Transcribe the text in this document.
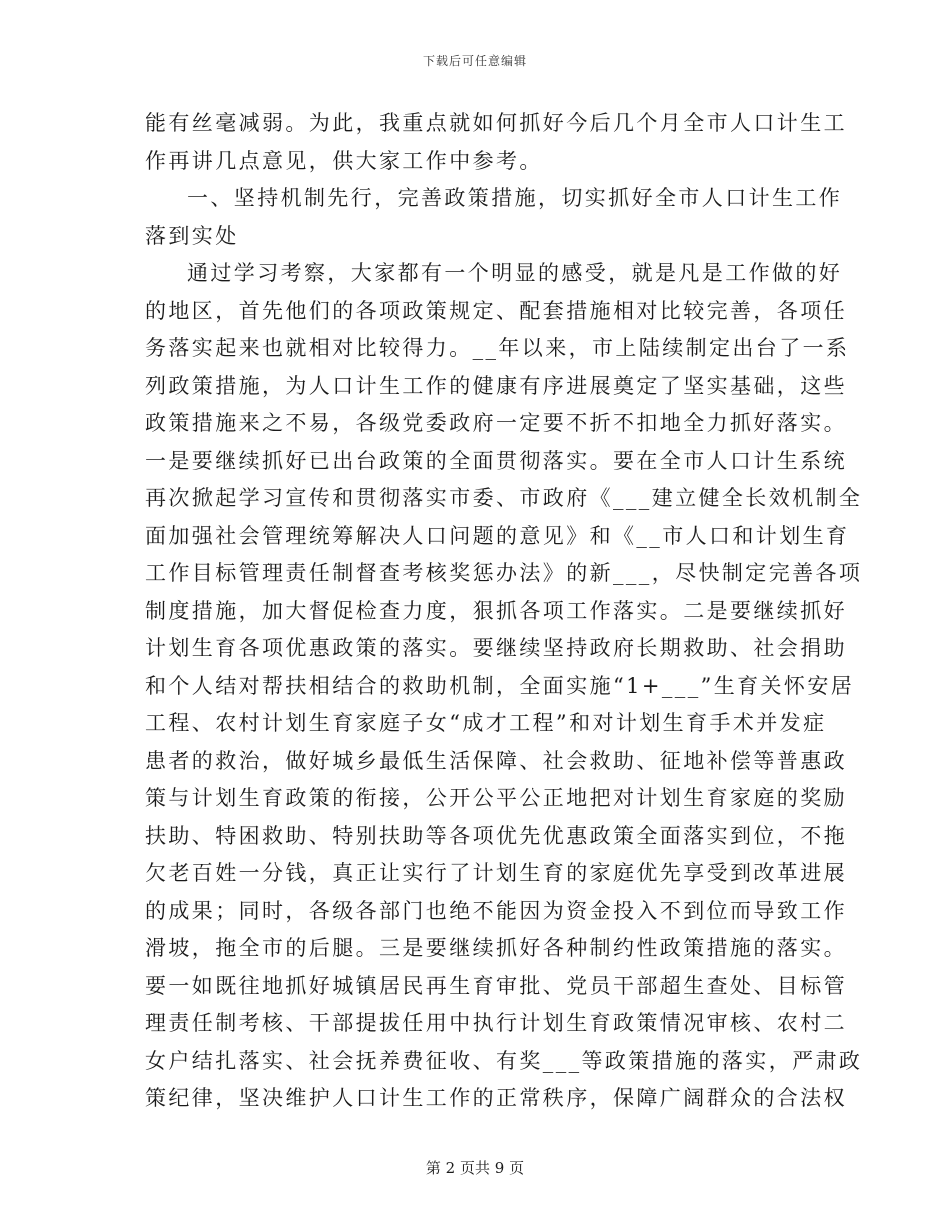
下载后可任意编辑
能有丝毫减弱。为此，我重点就如何抓好今后几个月全市人口计生工
作再讲几点意见，供大家工作中参考。
一、坚持机制先行，完善政策措施，切实抓好全市人口计生工作
落到实处
通过学习考察，大家都有一个明显的感受，就是凡是工作做的好
的地区，首先他们的各项政策规定、配套措施相对比较完善，各项任
务落实起来也就相对比较得力。__年以来，市上陆续制定出台了一系
列政策措施，为人口计生工作的健康有序进展奠定了坚实基础，这些
政策措施来之不易，各级党委政府一定要不折不扣地全力抓好落实。
一是要继续抓好已出台政策的全面贯彻落实。要在全市人口计生系统
再次掀起学习宣传和贯彻落实市委、市政府《___建立健全长效机制全
面加强社会管理统筹解决人口问题的意见》和《__市人口和计划生育
工作目标管理责任制督查考核奖惩办法》的新___，尽快制定完善各项
制度措施，加大督促检查力度，狠抓各项工作落实。二是要继续抓好
计划生育各项优惠政策的落实。要继续坚持政府长期救助、社会捐助
和个人结对帮扶相结合的救助机制，全面实施“1+___”生育关怀安居
工程、农村计划生育家庭子女“成才工程”和对计划生育手术并发症
患者的救治，做好城乡最低生活保障、社会救助、征地补偿等普惠政
策与计划生育政策的衔接，公开公平公正地把对计划生育家庭的奖励
扶助、特困救助、特别扶助等各项优先优惠政策全面落实到位，不拖
欠老百姓一分钱，真正让实行了计划生育的家庭优先享受到改革进展
的成果；同时，各级各部门也绝不能因为资金投入不到位而导致工作
滑坡，拖全市的后腿。三是要继续抓好各种制约性政策措施的落实。
要一如既往地抓好城镇居民再生育审批、党员干部超生查处、目标管
理责任制考核、干部提拔任用中执行计划生育政策情况审核、农村二
女户结扎落实、社会抚养费征收、有奖___等政策措施的落实，严肃政
策纪律，坚决维护人口计生工作的正常秩序，保障广阔群众的合法权
第 2 页共 9 页
